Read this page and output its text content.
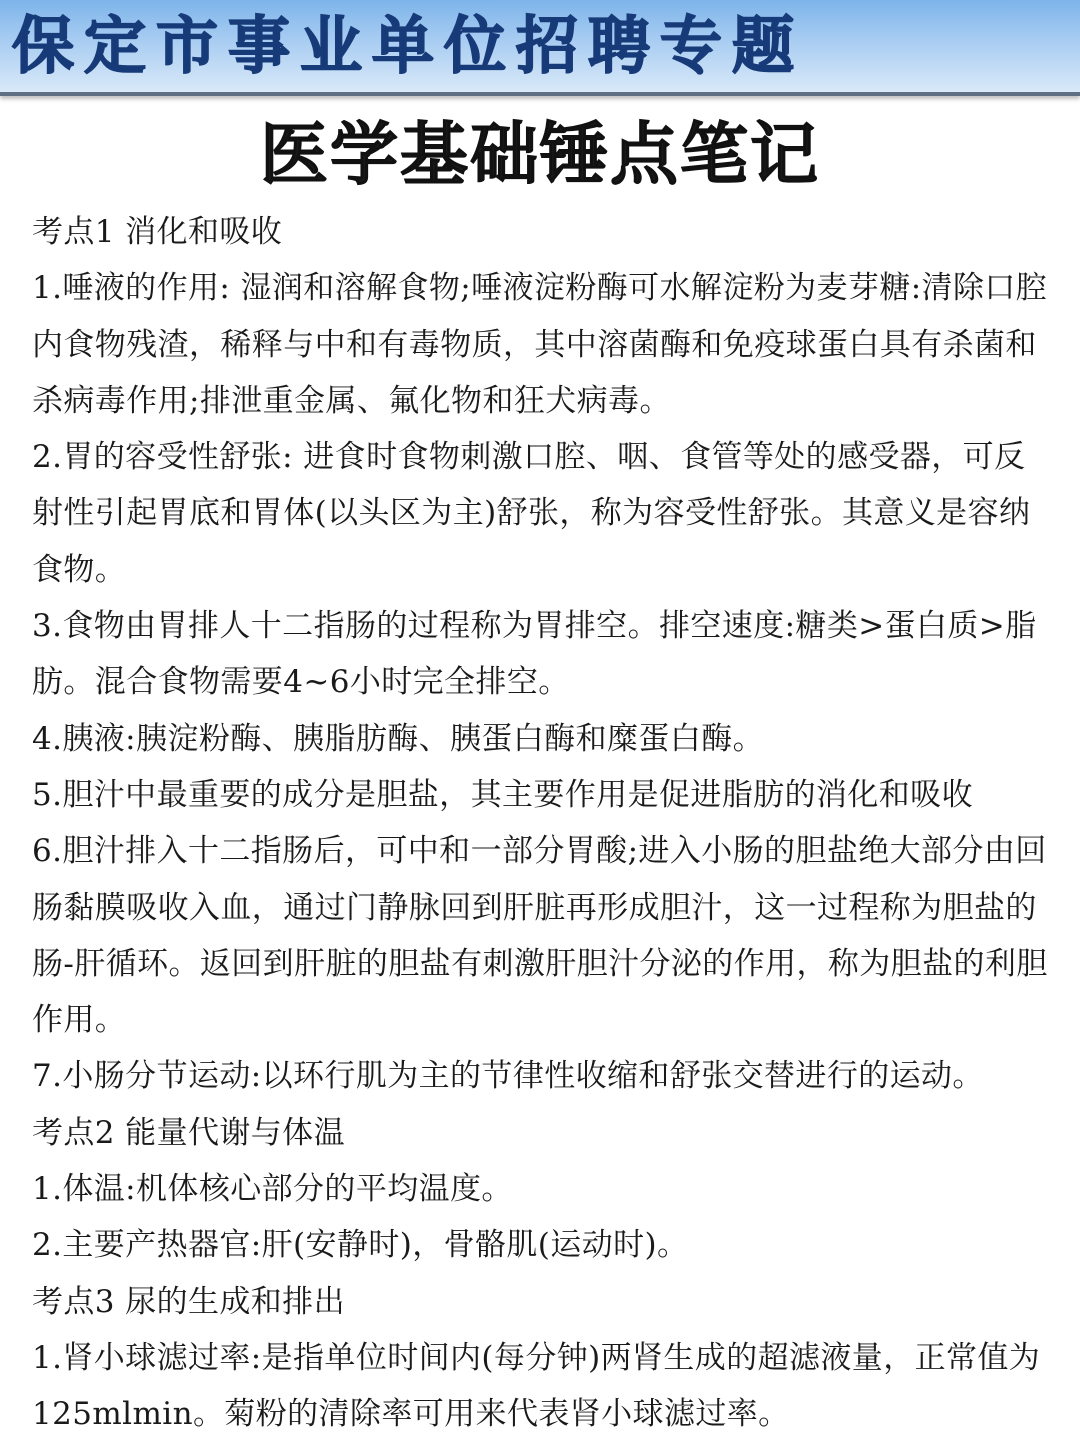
保定市事业单位招聘专题
医学基础锤点笔记

考点1 消化和吸收

1.唾液的作用: 湿润和溶解食物;唾液淀粉酶可水解淀粉为麦芽糖:清除口腔内食物残渣，稀释与中和有毒物质，其中溶菌酶和免疫球蛋白具有杀菌和杀病毒作用;排泄重金属、氟化物和狂犬病毒。

2.胃的容受性舒张: 进食时食物刺激口腔、咽、食管等处的感受器，可反射性引起胃底和胃体(以头区为主)舒张，称为容受性舒张。其意义是容纳食物。

3.食物由胃排人十二指肠的过程称为胃排空。排空速度:糖类>蛋白质>脂肪。混合食物需要4~6小时完全排空。

4.胰液:胰淀粉酶、胰脂肪酶、胰蛋白酶和糜蛋白酶。

5.胆汁中最重要的成分是胆盐，其主要作用是促进脂肪的消化和吸收

6.胆汁排入十二指肠后，可中和一部分胃酸;进入小肠的胆盐绝大部分由回肠黏膜吸收入血，通过门静脉回到肝脏再形成胆汁，这一过程称为胆盐的肠-肝循环。返回到肝脏的胆盐有刺激肝胆汁分泌的作用，称为胆盐的利胆作用。

7.小肠分节运动:以环行肌为主的节律性收缩和舒张交替进行的运动。

考点2 能量代谢与体温

1.体温:机体核心部分的平均温度。

2.主要产热器官:肝(安静时)，骨骼肌(运动时)。

考点3 尿的生成和排出

1.肾小球滤过率:是指单位时间内(每分钟)两肾生成的超滤液量，正常值为125mlmin。菊粉的清除率可用来代表肾小球滤过率。
